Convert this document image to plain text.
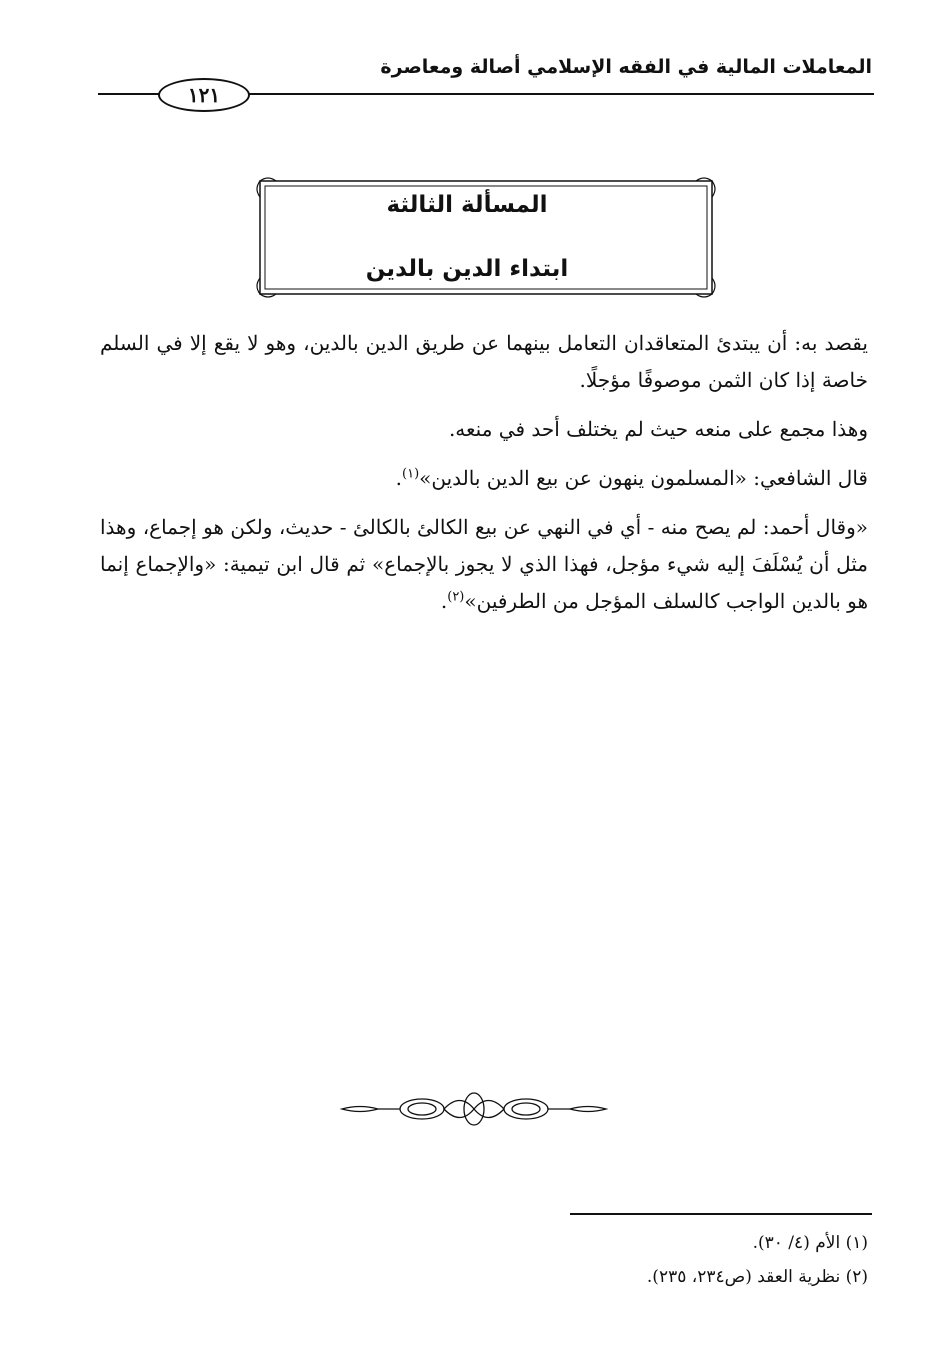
المعاملات المالية في الفقه الإسلامي أصالة ومعاصرة
١٢١
المسألة الثالثة
ابتداء الدين بالدين

يقصد به: أن يبتدئ المتعاقدان التعامل بينهما عن طريق الدين بالدين، وهو لا يقع إلا في السلم خاصة إذا كان الثمن موصوفًا مؤجلًا.

وهذا مجمع على منعه حيث لم يختلف أحد في منعه.

قال الشافعي: «المسلمون ينهون عن بيع الدين بالدين»$^{(١)}$.

«وقال أحمد: لم يصح منه - أي في النهي عن بيع الكالئ بالكالئ - حديث، ولكن هو إجماع، وهذا مثل أن يُسْلَفَ إليه شيء مؤجل، فهذا الذي لا يجوز بالإجماع» ثم قال ابن تيمية: «والإجماع إنما هو بالدين الواجب كالسلف المؤجل من الطرفين»$^{(٢)}$.

(١) الأم (٤/ ٣٠).
(٢) نظرية العقد (ص٢٣٤، ٢٣٥).
